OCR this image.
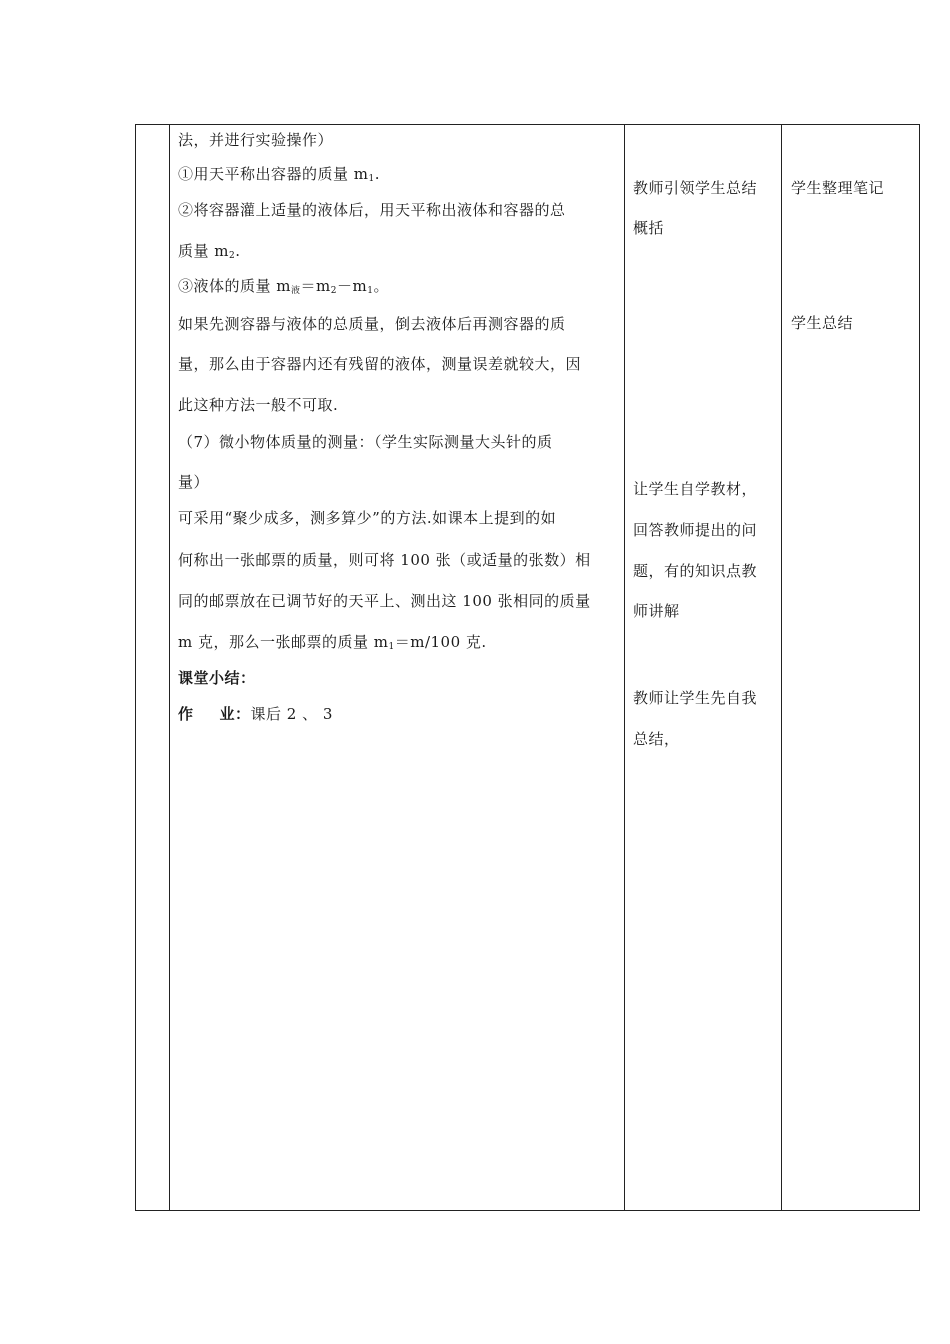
法，并进行实验操作）
①用天平称出容器的质量 $m_1$.
②将容器灌上适量的液体后，用天平称出液体和容器的总
质量 $m_2$.
③液体的质量 $m_液=m_2-m_1$。
如果先测容器与液体的总质量，倒去液体后再测容器的质
量，那么由于容器内还有残留的液体，测量误差就较大，因
此这种方法一般不可取.
（7）微小物体质量的测量：（学生实际测量大头针的质
量）
可采用“聚少成多，测多算少”的方法.如课本上提到的如
何称出一张邮票的质量，则可将 100 张（或适量的张数）相
同的邮票放在已调节好的天平上、测出这 100 张相同的质量
m 克，那么一张邮票的质量 $m_1=m/100$ 克.
课堂小结：
作 业：课后 2 、 3
教师引领学生总结
概括
让学生自学教材，
回答教师提出的问
题，有的知识点教
师讲解
教师让学生先自我
总结，
学生整理笔记
学生总结
